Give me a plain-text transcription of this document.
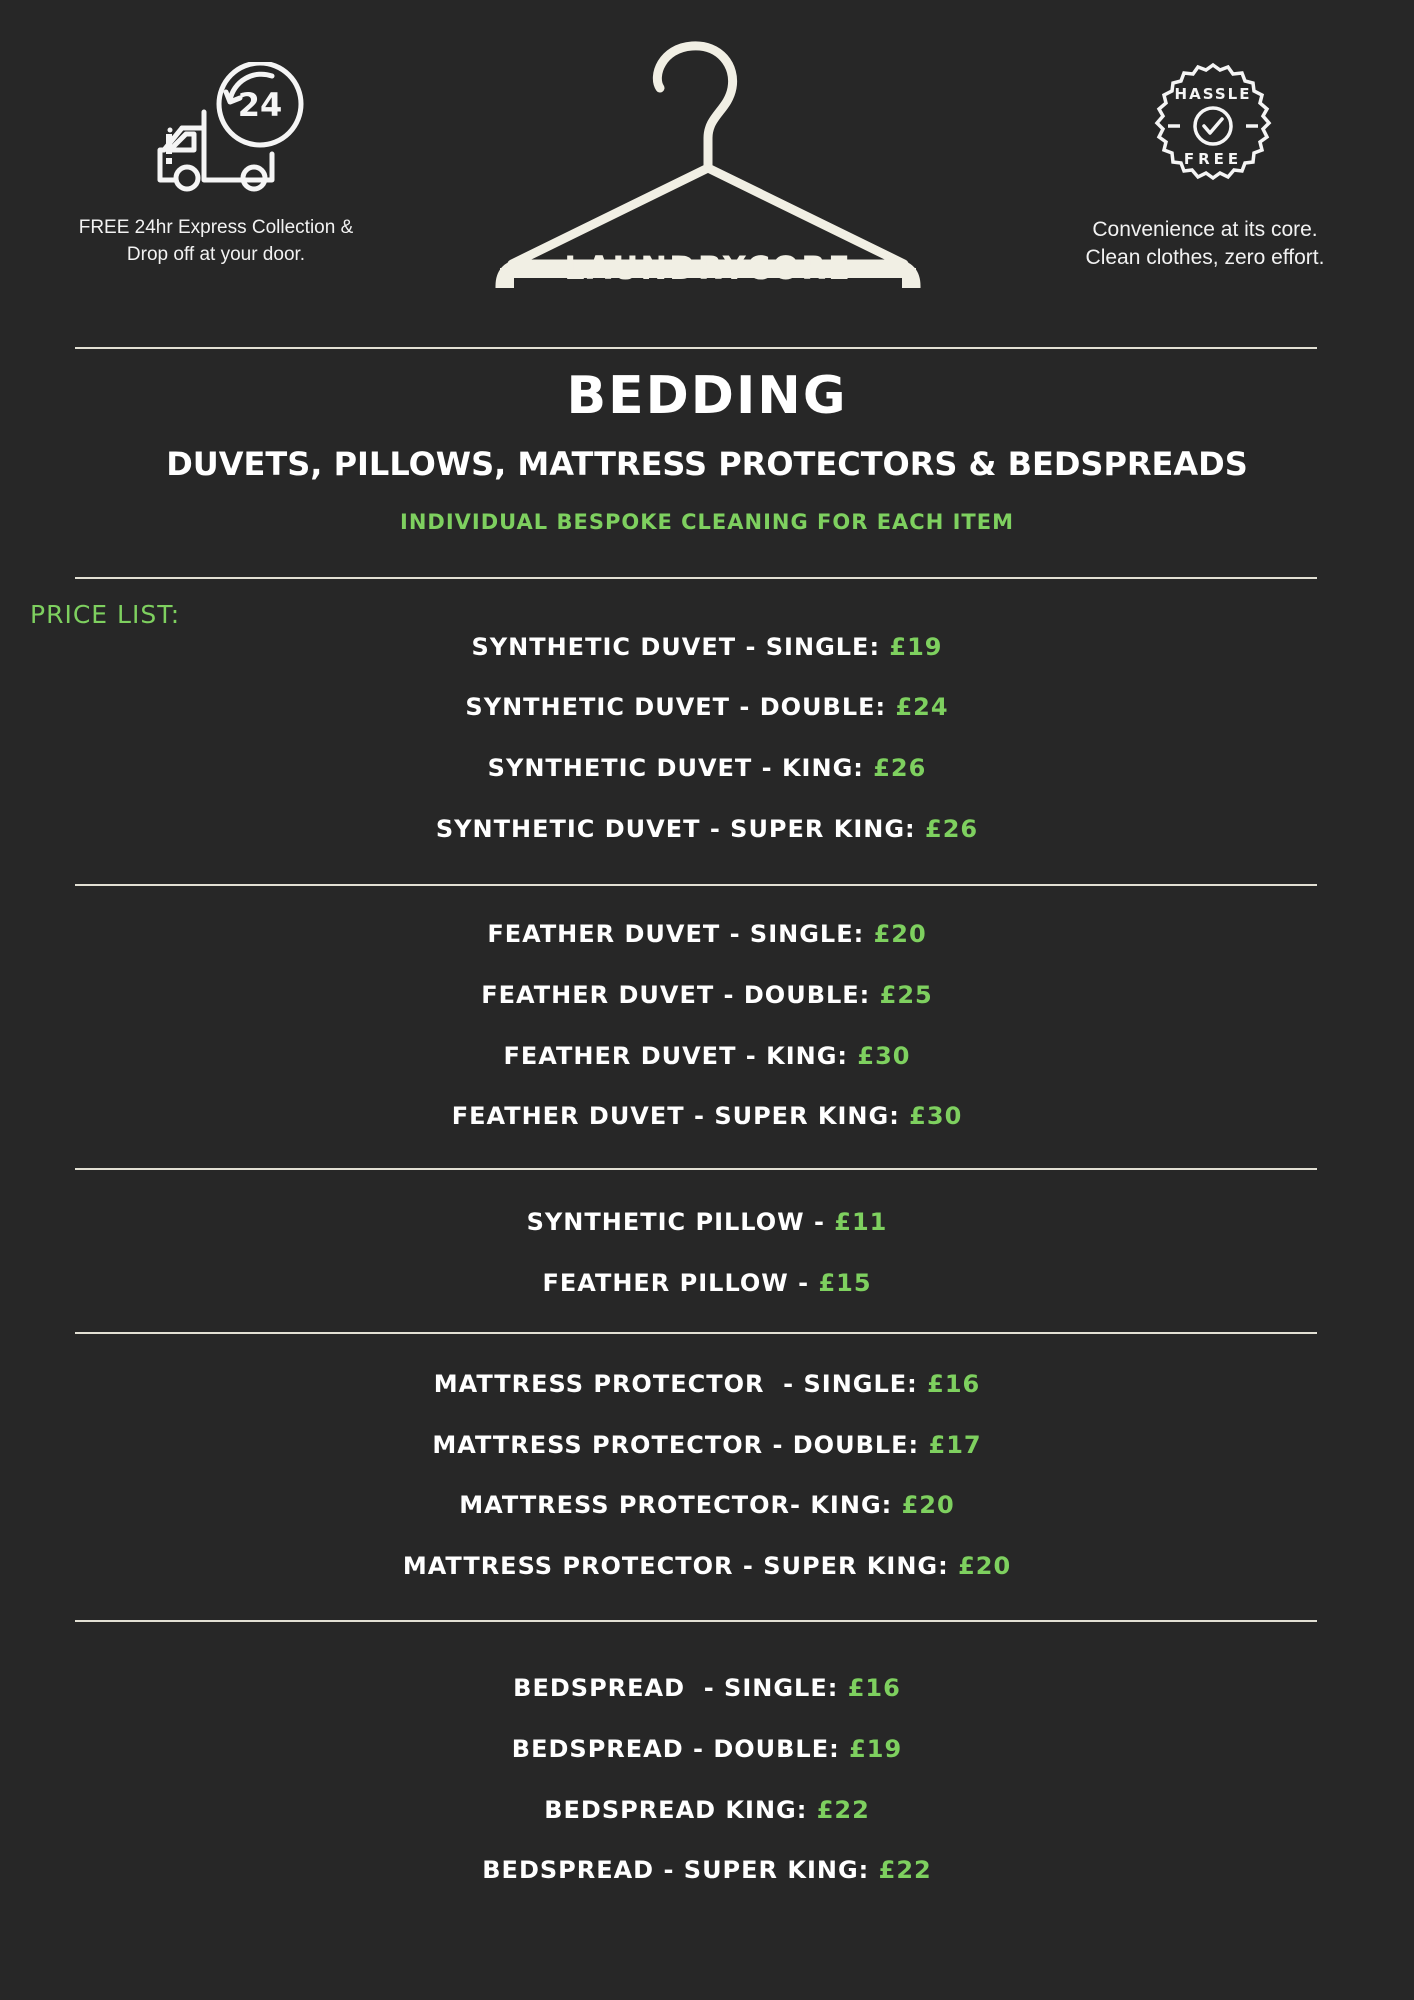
24
FREE 24hr Express Collection &
Drop off at your door.	LAUNDRYCORE
HASSLE
FREE
Convenience at its core.
Clean clothes, zero effort.
BEDDING
DUVETS, PILLOWS, MATTRESS PROTECTORS & BEDSPREADS
INDIVIDUAL BESPOKE CLEANING FOR EACH ITEM
PRICE LIST:
SYNTHETIC DUVET - SINGLE: £19
SYNTHETIC DUVET - DOUBLE: £24
SYNTHETIC DUVET - KING: £26
SYNTHETIC DUVET - SUPER KING: £26
FEATHER DUVET - SINGLE: £20
FEATHER DUVET - DOUBLE: £25
FEATHER DUVET - KING: £30
FEATHER DUVET - SUPER KING: £30
SYNTHETIC PILLOW - £11
FEATHER PILLOW - £15
MATTRESS PROTECTOR  - SINGLE: £16
MATTRESS PROTECTOR - DOUBLE: £17
MATTRESS PROTECTOR- KING: £20
MATTRESS PROTECTOR - SUPER KING: £20
BEDSPREAD  - SINGLE: £16
BEDSPREAD - DOUBLE: £19
BEDSPREAD KING: £22
BEDSPREAD - SUPER KING: £22
